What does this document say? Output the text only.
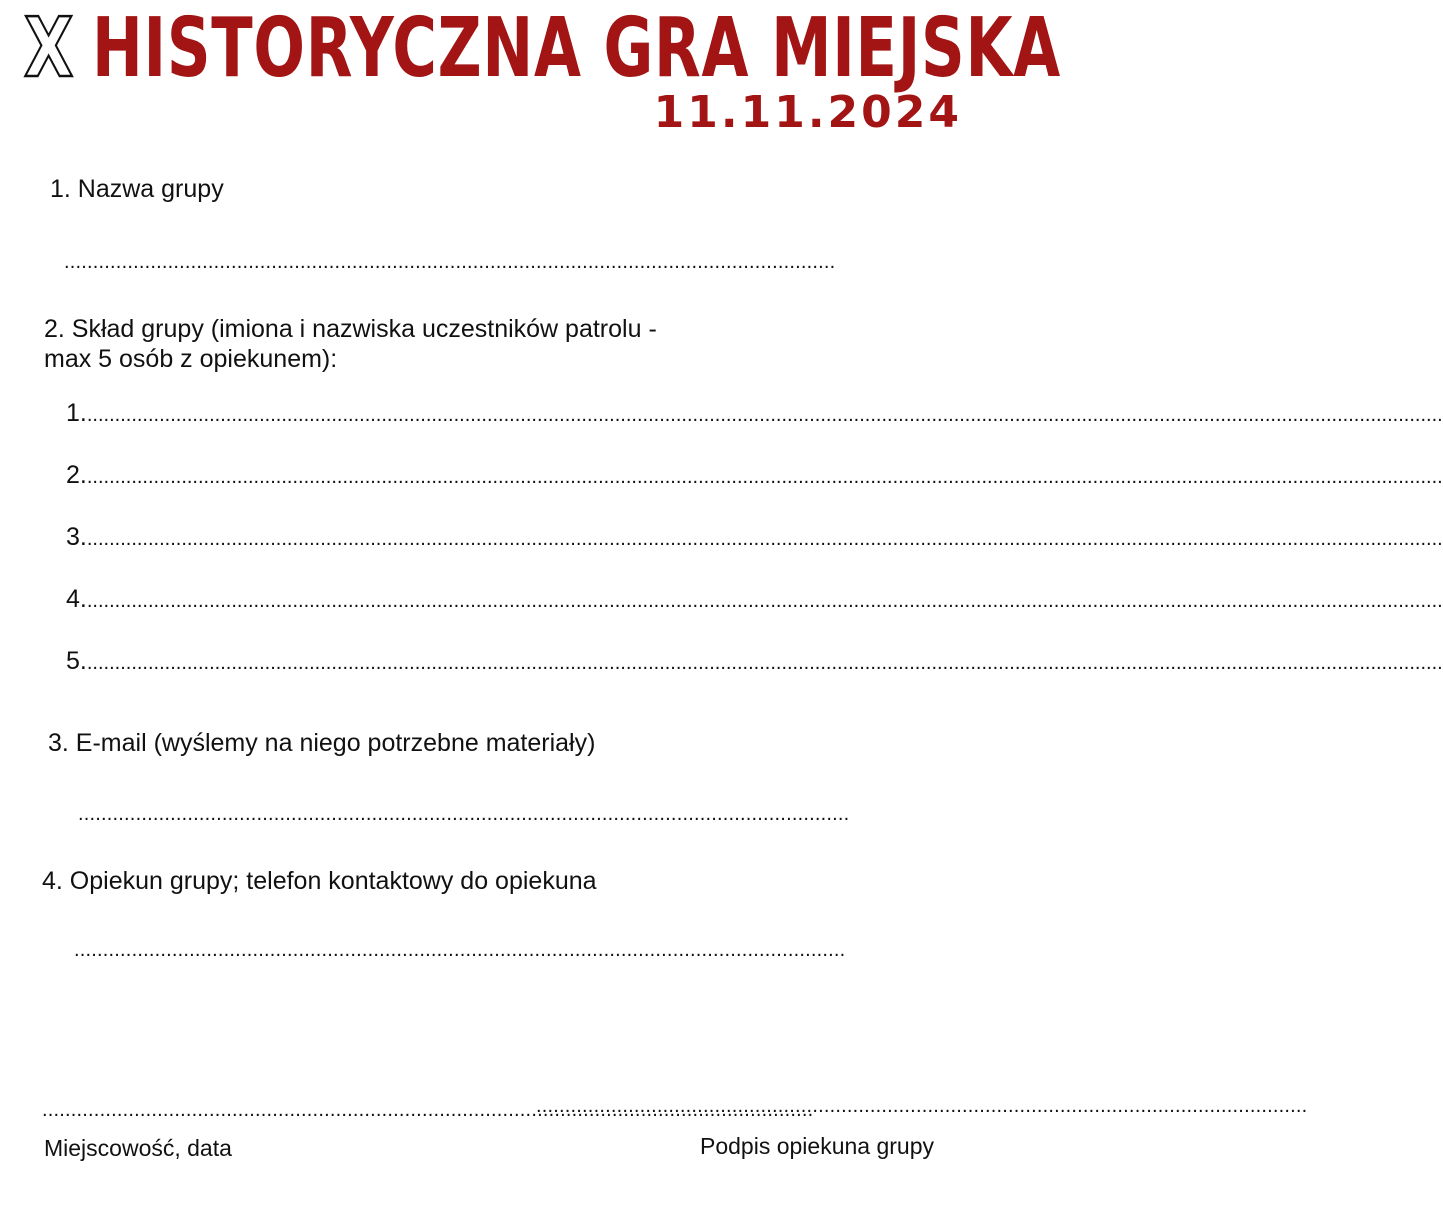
X HISTORYCZNA GRA MIEJSKA
11.11.2024
1. Nazwa grupy
......................................................................................................................................
2. Skład grupy (imiona i nazwiska uczestników patrolu -
max 5 osób z opiekunem):
1. ....................................................................................................................................................................................................................................................
2. ....................................................................................................................................................................................................................................................
3. ....................................................................................................................................................................................................................................................
4. ....................................................................................................................................................................................................................................................
5. ....................................................................................................................................................................................................................................................
3. E-mail (wyślemy na niego potrzebne materiały)
......................................................................................................................................
4. Opiekun grupy; telefon kontaktowy do opiekuna
......................................................................................................................................
......................................................................................................................................
......................................................................................................................................
Miejscowość, data	Podpis opiekuna grupy
